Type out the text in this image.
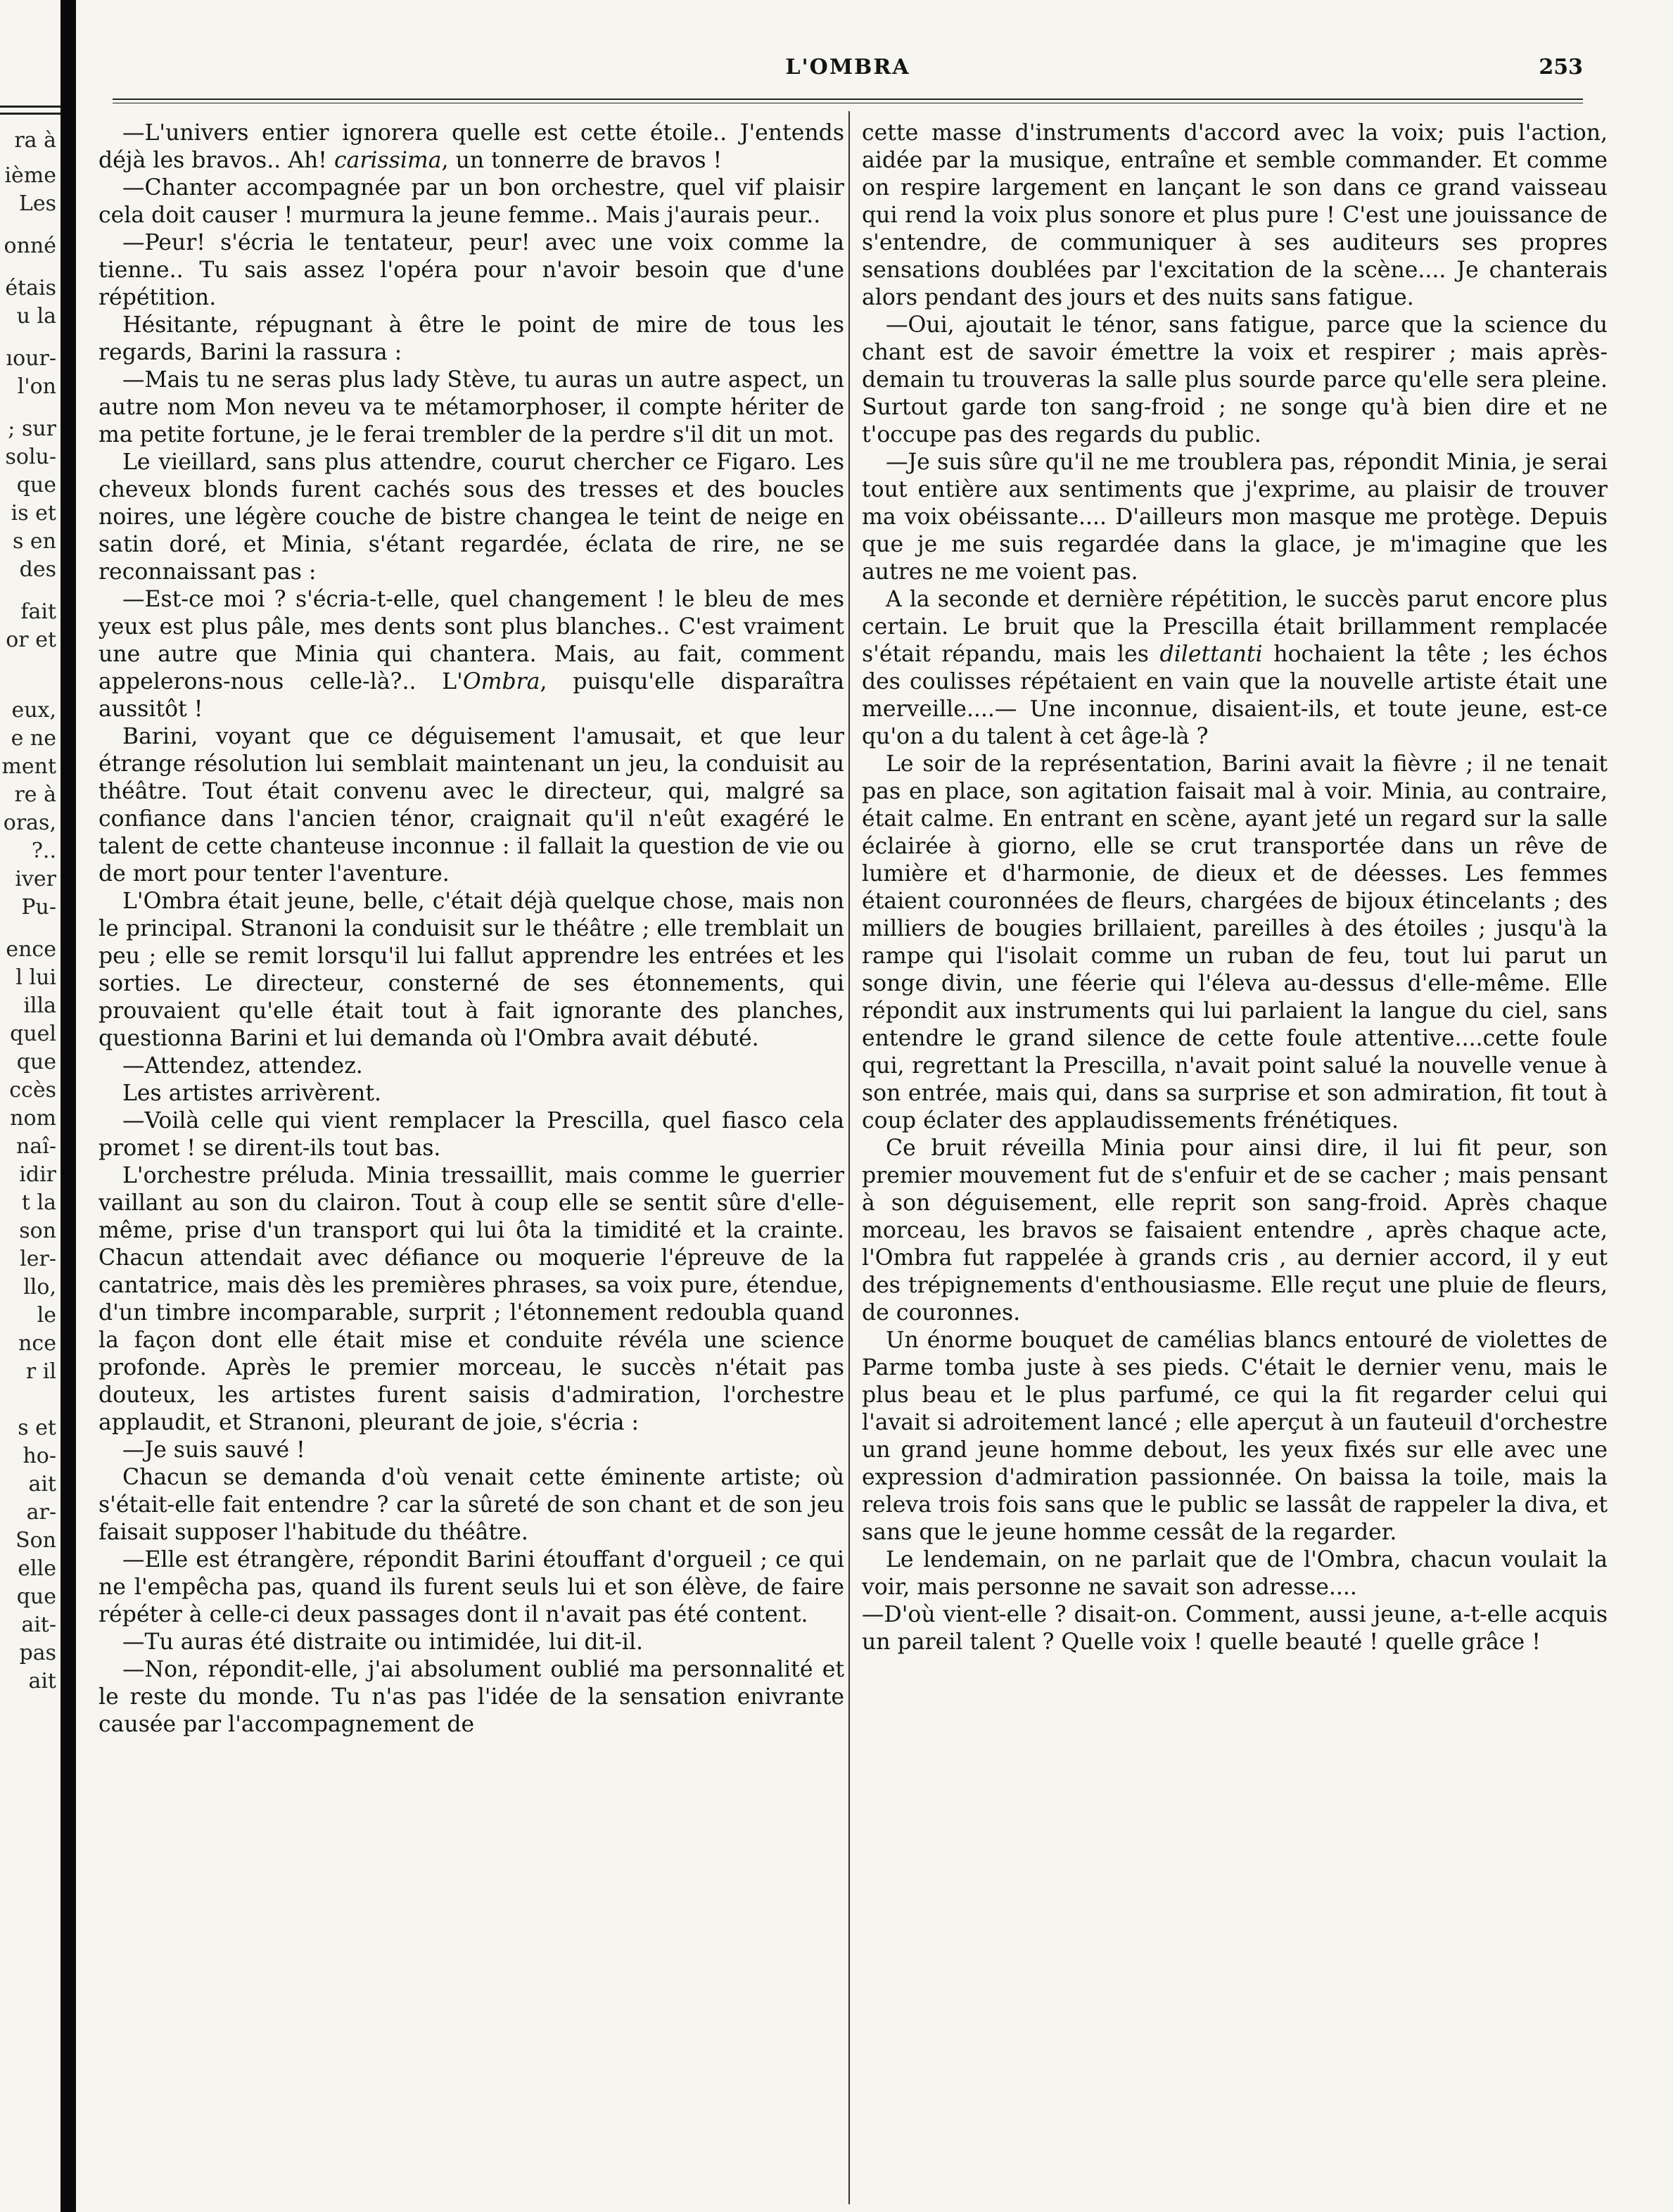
ra à
ième
Les
onné
étais
u la
ıour-
l'on
; sur
solu-
que
is et
s en
des
fait
or et
eux,
e ne
ment
re à
oras,
?..
iver
Pu-
ence
l lui
illa
quel
que
ccès
nom
naî-
idir
t la
son
ler-
llo,
le
nce
r il
s et
ho-
ait
ar-
Son
elle
que
ait-
pas
ait
L'OMBRA	253

—L'univers entier ignorera quelle est cette étoile.. J'entends déjà les bravos.. Ah! carissima, un tonnerre de bravos !

—Chanter accompagnée par un bon orchestre, quel vif plaisir cela doit causer ! murmura la jeune femme.. Mais j'aurais peur..

—Peur! s'écria le tentateur, peur! avec une voix comme la tienne.. Tu sais assez l'opéra pour n'avoir besoin que d'une répétition.

Hésitante, répugnant à être le point de mire de tous les regards, Barini la rassura :

—Mais tu ne seras plus lady Stève, tu auras un autre aspect, un autre nom Mon neveu va te métamorphoser, il compte hériter de ma petite fortune, je le ferai trembler de la perdre s'il dit un mot.

Le vieillard, sans plus attendre, courut chercher ce Figaro. Les cheveux blonds furent cachés sous des tresses et des boucles noires, une légère couche de bistre changea le teint de neige en satin doré, et Minia, s'étant regardée, éclata de rire, ne se reconnaissant pas :

—Est-ce moi ? s'écria-t-elle, quel changement ! le bleu de mes yeux est plus pâle, mes dents sont plus blanches.. C'est vraiment une autre que Minia qui chantera. Mais, au fait, comment appelerons-nous celle-là?.. L'Ombra, puisqu'elle disparaîtra aussitôt !

Barini, voyant que ce déguisement l'amusait, et que leur étrange résolution lui semblait maintenant un jeu, la conduisit au théâtre. Tout était convenu avec le directeur, qui, malgré sa confiance dans l'ancien ténor, craignait qu'il n'eût exagéré le talent de cette chanteuse inconnue : il fallait la question de vie ou de mort pour tenter l'aventure.

L'Ombra était jeune, belle, c'était déjà quelque chose, mais non le principal. Stranoni la conduisit sur le théâtre ; elle tremblait un peu ; elle se remit lorsqu'il lui fallut apprendre les entrées et les sorties. Le directeur, consterné de ses étonnements, qui prouvaient qu'elle était tout à fait ignorante des planches, questionna Barini et lui demanda où l'Ombra avait débuté.

—Attendez, attendez.

Les artistes arrivèrent.

—Voilà celle qui vient remplacer la Prescilla, quel fiasco cela promet ! se dirent-ils tout bas.

L'orchestre préluda. Minia tressaillit, mais comme le guerrier vaillant au son du clairon. Tout à coup elle se sentit sûre d'elle-même, prise d'un transport qui lui ôta la timidité et la crainte. Chacun attendait avec défiance ou moquerie l'épreuve de la cantatrice, mais dès les premières phrases, sa voix pure, étendue, d'un timbre incomparable, surprit ; l'étonnement redoubla quand la façon dont elle était mise et conduite révéla une science profonde. Après le premier morceau, le succès n'était pas douteux, les artistes furent saisis d'admiration, l'orchestre applaudit, et Stranoni, pleurant de joie, s'écria :

—Je suis sauvé !

Chacun se demanda d'où venait cette éminente artiste; où s'était-elle fait entendre ? car la sûreté de son chant et de son jeu faisait supposer l'habitude du théâtre.

—Elle est étrangère, répondit Barini étouffant d'orgueil ; ce qui ne l'empêcha pas, quand ils furent seuls lui et son élève, de faire répéter à celle-ci deux passages dont il n'avait pas été content.

—Tu auras été distraite ou intimidée, lui dit-il.

—Non, répondit-elle, j'ai absolument oublié ma personnalité et le reste du monde. Tu n'as pas l'idée de la sensation enivrante causée par l'accompagnement de

cette masse d'instruments d'accord avec la voix; puis l'action, aidée par la musique, entraîne et semble commander. Et comme on respire largement en lançant le son dans ce grand vaisseau qui rend la voix plus sonore et plus pure ! C'est une jouissance de s'entendre, de communiquer à ses auditeurs ses propres sensations doublées par l'excitation de la scène.... Je chanterais alors pendant des jours et des nuits sans fatigue.

—Oui, ajoutait le ténor, sans fatigue, parce que la science du chant est de savoir émettre la voix et respirer ; mais après-demain tu trouveras la salle plus sourde parce qu'elle sera pleine. Surtout garde ton sang-froid ; ne songe qu'à bien dire et ne t'occupe pas des regards du public.

—Je suis sûre qu'il ne me troublera pas, répondit Minia, je serai tout entière aux sentiments que j'exprime, au plaisir de trouver ma voix obéissante.... D'ailleurs mon masque me protège. Depuis que je me suis regardée dans la glace, je m'imagine que les autres ne me voient pas.

A la seconde et dernière répétition, le succès parut encore plus certain. Le bruit que la Prescilla était brillamment remplacée s'était répandu, mais les dilettanti hochaient la tête ; les échos des coulisses répétaient en vain que la nouvelle artiste était une merveille....— Une inconnue, disaient-ils, et toute jeune, est-ce qu'on a du talent à cet âge-là ?

Le soir de la représentation, Barini avait la fièvre ; il ne tenait pas en place, son agitation faisait mal à voir. Minia, au contraire, était calme. En entrant en scène, ayant jeté un regard sur la salle éclairée à giorno, elle se crut transportée dans un rêve de lumière et d'harmonie, de dieux et de déesses. Les femmes étaient couronnées de fleurs, chargées de bijoux étincelants ; des milliers de bougies brillaient, pareilles à des étoiles ; jusqu'à la rampe qui l'isolait comme un ruban de feu, tout lui parut un songe divin, une féerie qui l'éleva au-dessus d'elle-même. Elle répondit aux instruments qui lui parlaient la langue du ciel, sans entendre le grand silence de cette foule attentive....cette foule qui, regrettant la Prescilla, n'avait point salué la nouvelle venue à son entrée, mais qui, dans sa surprise et son admiration, fit tout à coup éclater des applaudissements frénétiques.

Ce bruit réveilla Minia pour ainsi dire, il lui fit peur, son premier mouvement fut de s'enfuir et de se cacher ; mais pensant à son déguisement, elle reprit son sang-froid. Après chaque morceau, les bravos se faisaient entendre , après chaque acte, l'Ombra fut rappelée à grands cris , au dernier accord, il y eut des trépignements d'enthousiasme. Elle reçut une pluie de fleurs, de couronnes.

Un énorme bouquet de camélias blancs entouré de violettes de Parme tomba juste à ses pieds. C'était le dernier venu, mais le plus beau et le plus parfumé, ce qui la fit regarder celui qui l'avait si adroitement lancé ; elle aperçut à un fauteuil d'orchestre un grand jeune homme debout, les yeux fixés sur elle avec une expression d'admiration passionnée. On baissa la toile, mais la releva trois fois sans que le public se lassât de rappeler la diva, et sans que le jeune homme cessât de la regarder.

Le lendemain, on ne parlait que de l'Ombra, chacun voulait la voir, mais personne ne savait son adresse....

—D'où vient-elle ? disait-on. Comment, aussi jeune, a-t-elle acquis un pareil talent ? Quelle voix ! quelle beauté ! quelle grâce !
